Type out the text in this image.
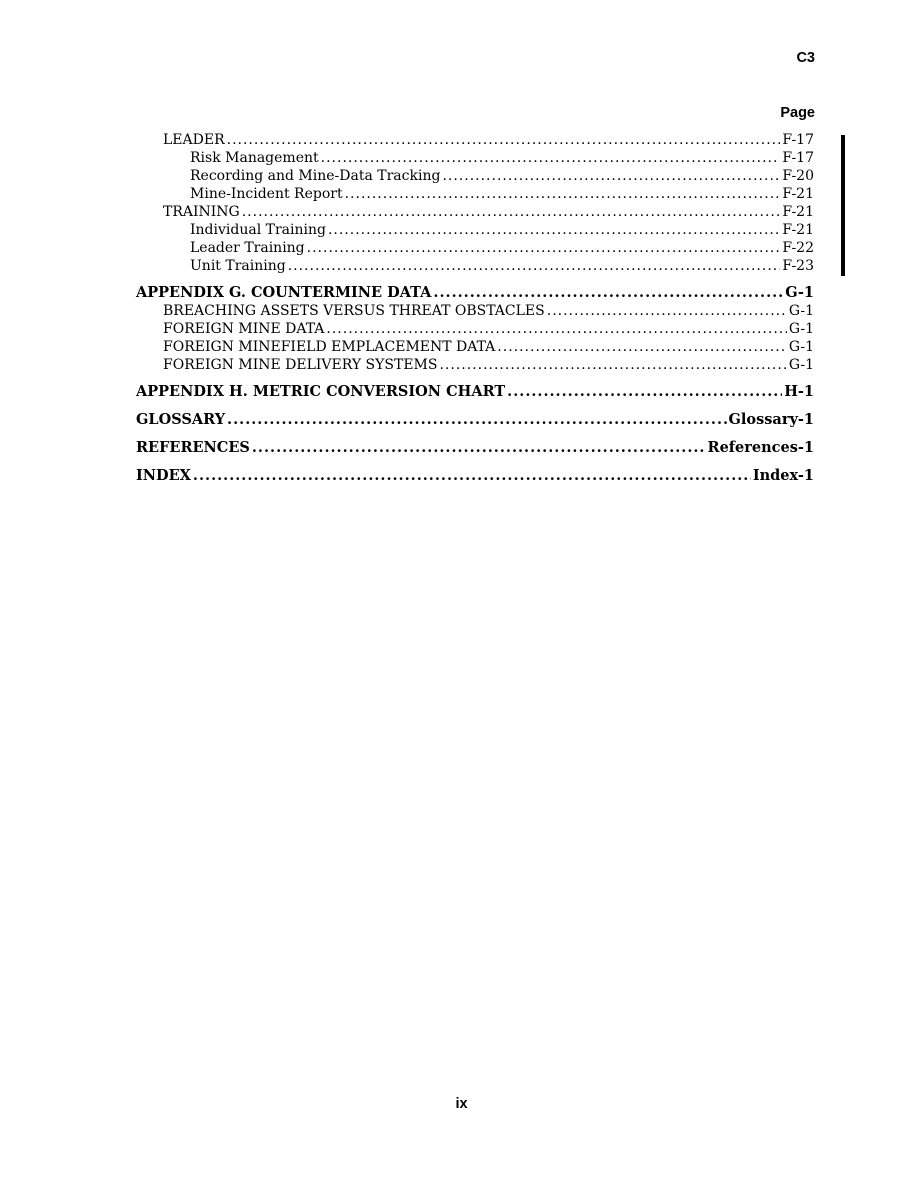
C3
Page
LEADER .....	F-17
Risk Management .....	F-17
Recording and Mine-Data Tracking .....	F-20
Mine-Incident Report .....	F-21
TRAINING .....	F-21
Individual Training .....	F-21
Leader Training .....	F-22
Unit Training .....	F-23
APPENDIX G. COUNTERMINE DATA .....	G-1
BREACHING ASSETS VERSUS THREAT OBSTACLES .....	G-1
FOREIGN MINE DATA .....	G-1
FOREIGN MINEFIELD EMPLACEMENT DATA .....	G-1
FOREIGN MINE DELIVERY SYSTEMS .....	G-1
APPENDIX H. METRIC CONVERSION CHART .....	H-1
GLOSSARY .....	Glossary-1
REFERENCES .....	References-1
INDEX .....	Index-1
ix
